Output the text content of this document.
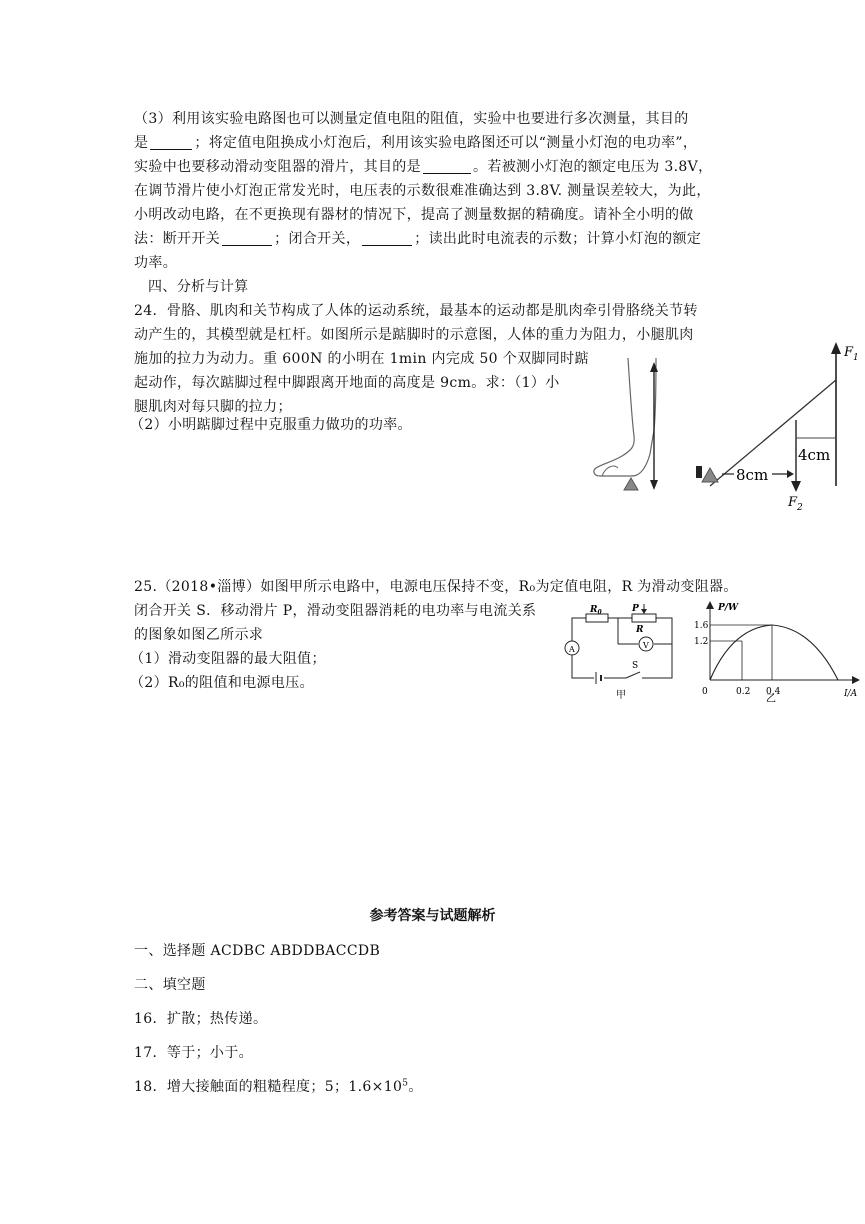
（3）利用该实验电路图也可以测量定值电阻的阻值，实验中也要进行多次测量，其目的
是	；将定值电阻换成小灯泡后，利用该实验电路图还可以“测量小灯泡的电功率”，
实验中也要移动滑动变阻器的滑片，其目的是	。若被测小灯泡的额定电压为 3.8V，
在调节滑片使小灯泡正常发光时，电压表的示数很难准确达到 3.8V. 测量误差较大，为此，
小明改动电路，在不更换现有器材的情况下，提高了测量数据的精确度。请补全小明的做
法：断开开关	；闭合开关，	；读出此时电流表的示数；计算小灯泡的额定
功率。
四、分析与计算
24．骨胳、肌肉和关节构成了人体的运动系统，最基本的运动都是肌肉牵引骨胳绕关节转
动产生的，其模型就是杠杆。如图所示是踮脚时的示意图，人体的重力为阻力，小腿肌肉
施加的拉力为动力。重 600N 的小明在 1min 内完成 50 个双脚同时踮
起动作，每次踮脚过程中脚跟离开地面的高度是 9cm。求：（1）小
腿肌肉对每只脚的拉力；
（2）小明踮脚过程中克服重力做功的功率。
$F_1$
$F_2$
4cm
8cm
25.（2018•淄博）如图甲所示电路中，电源电压保持不变，R₀为定值电阻，R 为滑动变阻器。
闭合开关 S．移动滑片 P，滑动变阻器消耗的电功率与电流关系
的图象如图乙所示求
（1）滑动变阻器的最大阻值；
（2）R₀的阻值和电源电压。
$R_0$
V
R
P
A
S
甲
P/W
I/A
1.6
1.2
0	0.2 0.4
乙
参考答案与试题解析
一、选择题 ACDBC ABDDBACCDB
二、填空题
16．扩散；热传递。
17．等于；小于。
18．增大接触面的粗糙程度；5；$1.6\times 10^5$。
